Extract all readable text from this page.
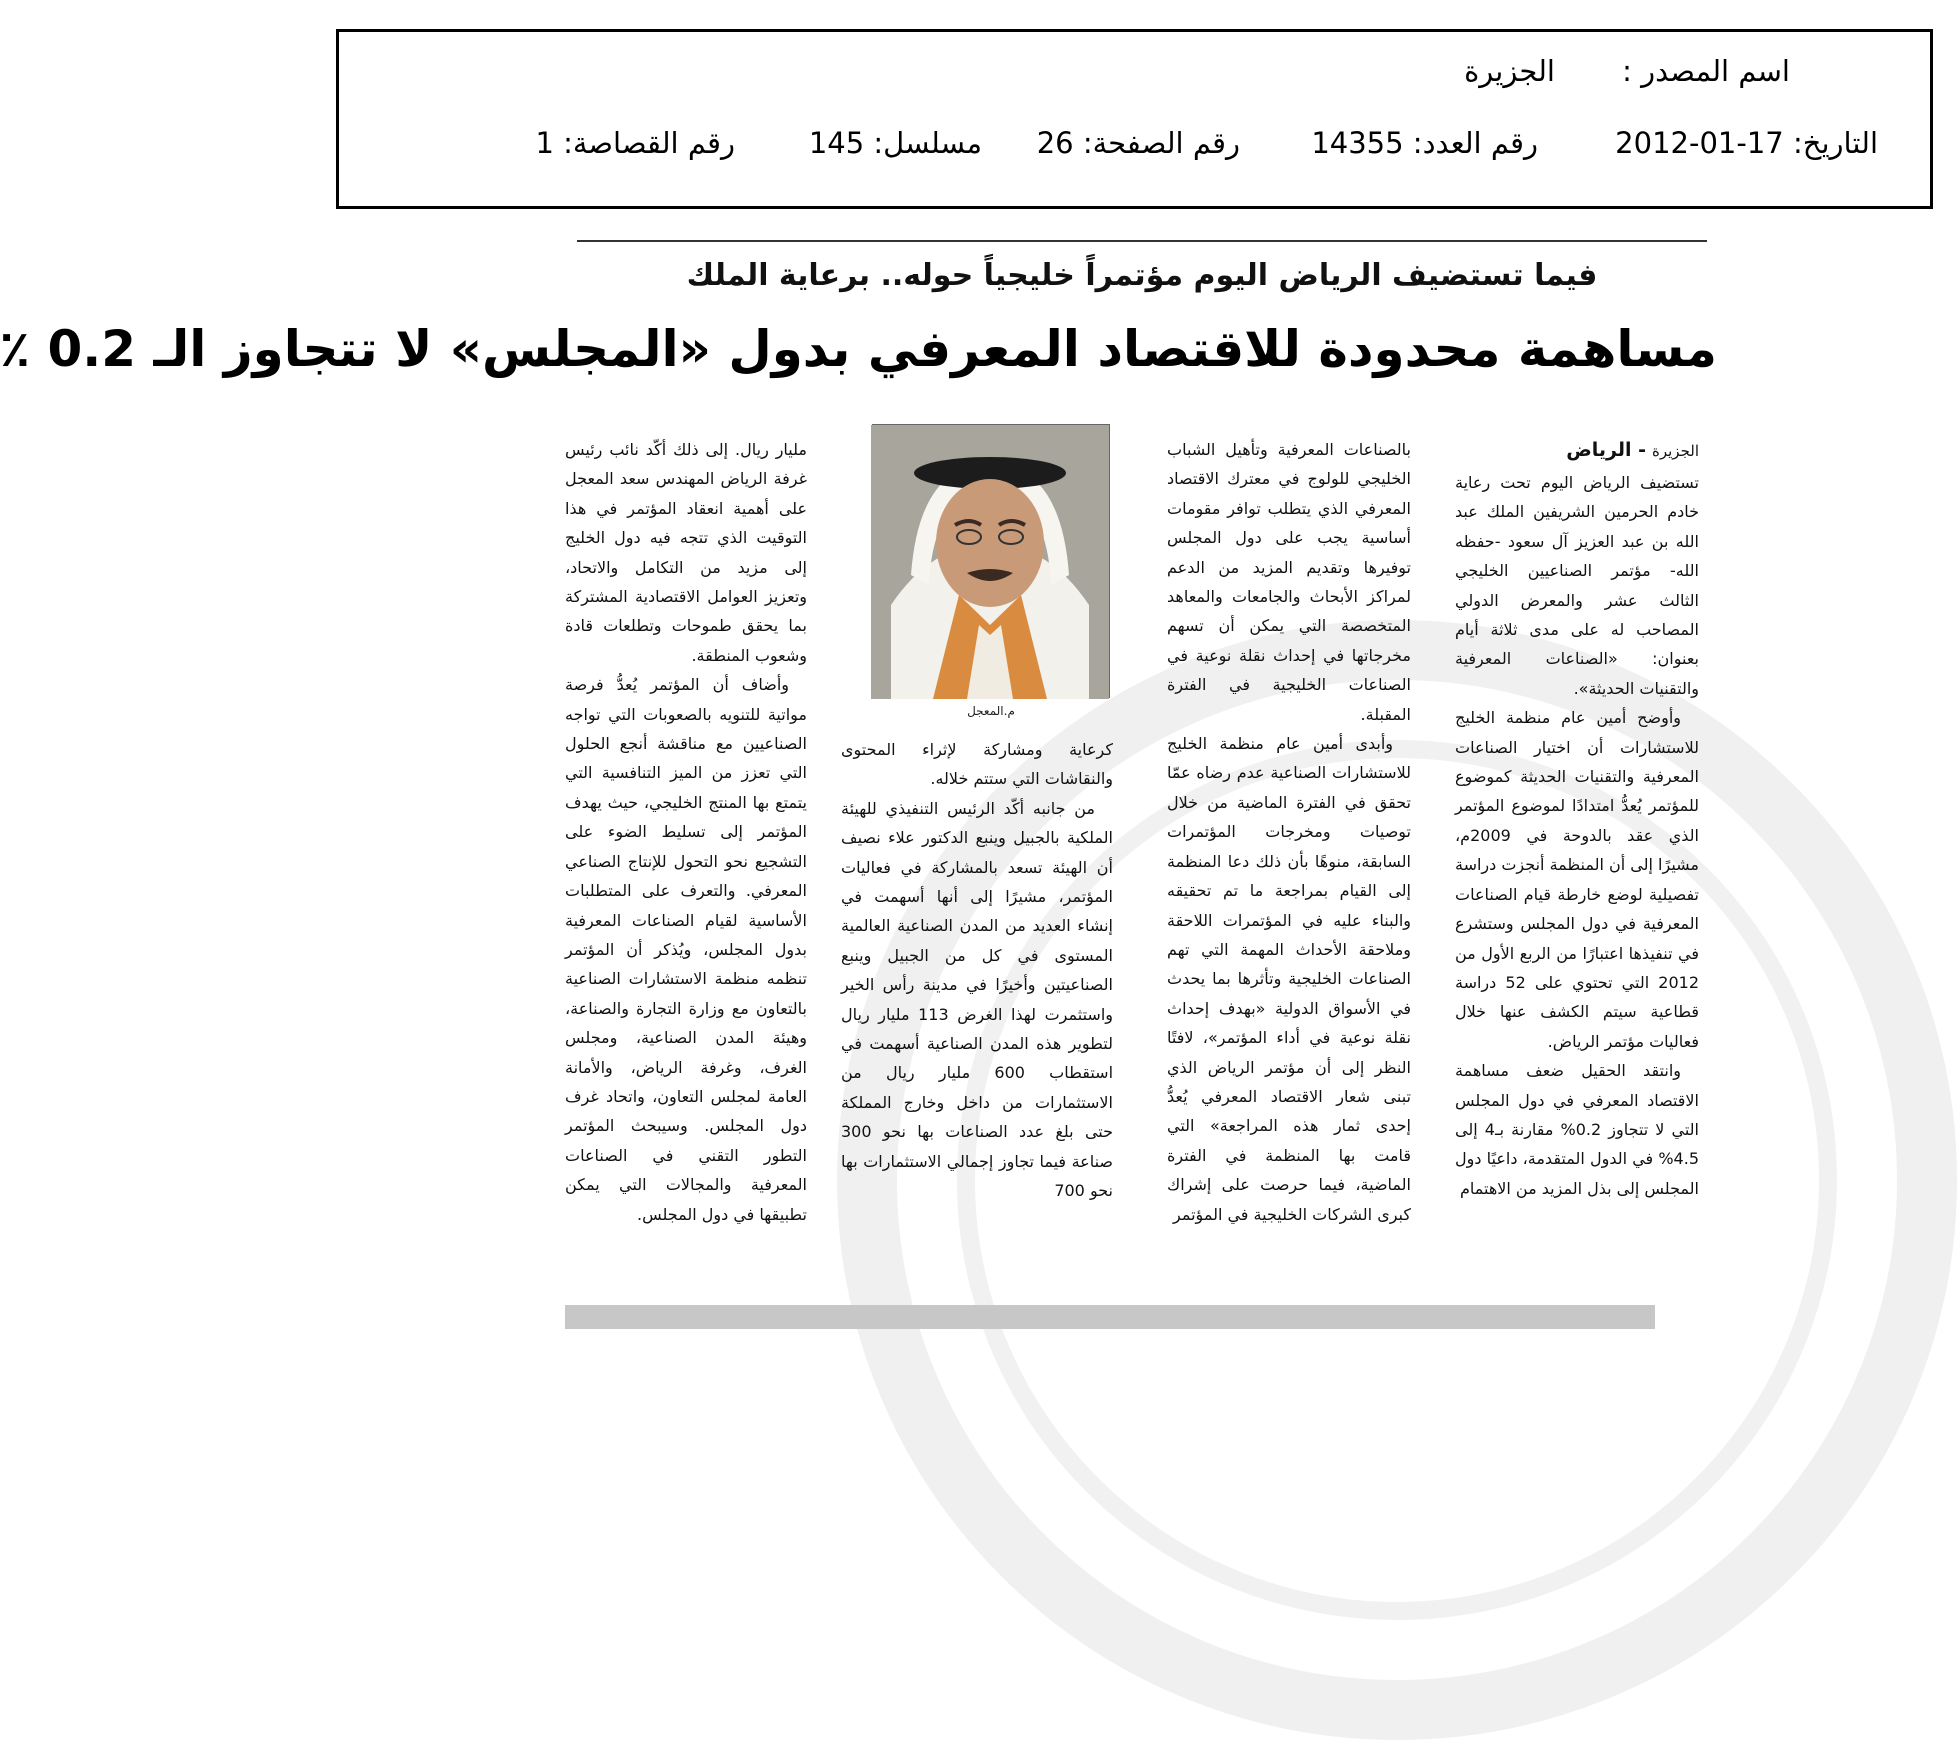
اسم المصدر :
الجزيرة
التاريخ: 17-01-2012
رقم العدد: 14355
رقم الصفحة: 26
مسلسل: 145
رقم القصاصة: 1
فيما تستضيف الرياض اليوم مؤتمراً خليجياً حوله.. برعاية الملك
مساهمة محدودة للاقتصاد المعرفي بدول «المجلس» لا تتجاوز الـ 0.2 ٪
الجزيرة- الرياض

تستضيف الرياض اليوم تحت رعاية خادم الحرمين الشريفين الملك عبد الله بن عبد العزيز آل سعود -حفظه الله- مؤتمر الصناعيين الخليجي الثالث عشر والمعرض الدولي المصاحب له على مدى ثلاثة أيام بعنوان: «الصناعات المعرفية والتقنيات الحديثة».

وأوضح أمين عام منظمة الخليج للاستشارات أن اختيار الصناعات المعرفية والتقنيات الحديثة كموضوع للمؤتمر يُعدُّ امتدادًا لموضوع المؤتمر الذي عقد بالدوحة في 2009م، مشيرًا إلى أن المنظمة أنجزت دراسة تفصيلية لوضع خارطة قيام الصناعات المعرفية في دول المجلس وستشرع في تنفيذها اعتبارًا من الربع الأول من 2012 التي تحتوي على 52 دراسة قطاعية سيتم الكشف عنها خلال فعاليات مؤتمر الرياض.

وانتقد الحقيل ضعف مساهمة الاقتصاد المعرفي في دول المجلس التي لا تتجاوز 0.2% مقارنة بـ4 إلى 4.5% في الدول المتقدمة، داعيًا دول المجلس إلى بذل المزيد من الاهتمام

بالصناعات المعرفية وتأهيل الشباب الخليجي للولوج في معترك الاقتصاد المعرفي الذي يتطلب توافر مقومات أساسية يجب على دول المجلس توفيرها وتقديم المزيد من الدعم لمراكز الأبحاث والجامعات والمعاهد المتخصصة التي يمكن أن تسهم مخرجاتها في إحداث نقلة نوعية في الصناعات الخليجية في الفترة المقبلة.

وأبدى أمين عام منظمة الخليج للاستشارات الصناعية عدم رضاه عمّا تحقق في الفترة الماضية من خلال توصيات ومخرجات المؤتمرات السابقة، منوهًا بأن ذلك دعا المنظمة إلى القيام بمراجعة ما تم تحقيقه والبناء عليه في المؤتمرات اللاحقة وملاحقة الأحداث المهمة التي تهم الصناعات الخليجية وتأثرها بما يحدث في الأسواق الدولية «بهدف إحداث نقلة نوعية في أداء المؤتمر»، لافتًا النظر إلى أن مؤتمر الرياض الذي تبنى شعار الاقتصاد المعرفي يُعدُّ إحدى ثمار هذه المراجعة» التي قامت بها المنظمة في الفترة الماضية، فيما حرصت على إشراك كبرى الشركات الخليجية في المؤتمر

م.المعجل

كرعاية ومشاركة لإثراء المحتوى والنقاشات التي ستتم خلاله.

من جانبه أكّد الرئيس التنفيذي للهيئة الملكية بالجبيل وينبع الدكتور علاء نصيف أن الهيئة تسعد بالمشاركة في فعاليات المؤتمر، مشيرًا إلى أنها أسهمت في إنشاء العديد من المدن الصناعية العالمية المستوى في كل من الجبيل وينبع الصناعيتين وأخيرًا في مدينة رأس الخير واستثمرت لهذا الغرض 113 مليار ريال لتطوير هذه المدن الصناعية أسهمت في استقطاب 600 مليار ريال من الاستثمارات من داخل وخارج المملكة حتى بلغ عدد الصناعات بها نحو 300 صناعة فيما تجاوز إجمالي الاستثمارات بها نحو 700

مليار ريال. إلى ذلك أكّد نائب رئيس غرفة الرياض المهندس سعد المعجل على أهمية انعقاد المؤتمر في هذا التوقيت الذي تتجه فيه دول الخليج إلى مزيد من التكامل والاتحاد، وتعزيز العوامل الاقتصادية المشتركة بما يحقق طموحات وتطلعات قادة وشعوب المنطقة.

وأضاف أن المؤتمر يُعدُّ فرصة مواتية للتنويه بالصعوبات التي تواجه الصناعيين مع مناقشة أنجع الحلول التي تعزز من الميز التنافسية التي يتمتع بها المنتج الخليجي، حيث يهدف المؤتمر إلى تسليط الضوء على التشجيع نحو التحول للإنتاج الصناعي المعرفي. والتعرف على المتطلبات الأساسية لقيام الصناعات المعرفية بدول المجلس، ويُذكر أن المؤتمر تنظمه منظمة الاستشارات الصناعية بالتعاون مع وزارة التجارة والصناعة، وهيئة المدن الصناعية، ومجلس الغرف، وغرفة الرياض، والأمانة العامة لمجلس التعاون، واتحاد غرف دول المجلس. وسيبحث المؤتمر التطور التقني في الصناعات المعرفية والمجالات التي يمكن تطبيقها في دول المجلس.
